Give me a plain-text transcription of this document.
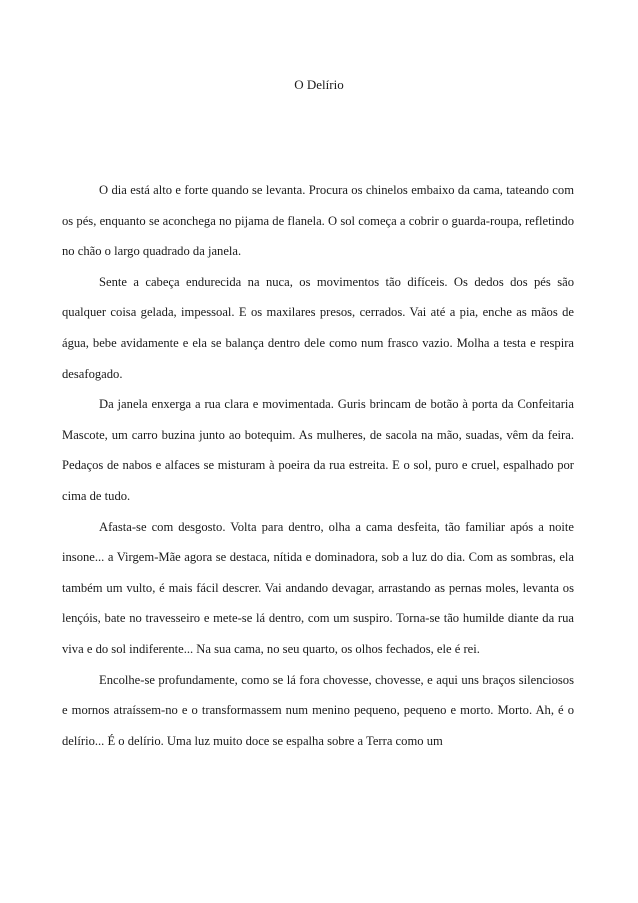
O Delírio

O dia está alto e forte quando se levanta. Procura os chinelos embaixo da cama, tateando com os pés, enquanto se aconchega no pijama de flanela. O sol começa a cobrir o guarda-roupa, refletindo no chão o largo quadrado da janela.

Sente a cabeça endurecida na nuca, os movimentos tão difíceis. Os dedos dos pés são qualquer coisa gelada, impessoal. E os maxilares presos, cerrados. Vai até a pia, enche as mãos de água, bebe avidamente e ela se balança dentro dele como num frasco vazio. Molha a testa e respira desafogado.

Da janela enxerga a rua clara e movimentada. Guris brincam de botão à porta da Confeitaria Mascote, um carro buzina junto ao botequim. As mulheres, de sacola na mão, suadas, vêm da feira. Pedaços de nabos e alfaces se misturam à poeira da rua estreita. E o sol, puro e cruel, espalhado por cima de tudo.

Afasta-se com desgosto. Volta para dentro, olha a cama desfeita, tão familiar após a noite insone... a Virgem-Mãe agora se destaca, nítida e dominadora, sob a luz do dia. Com as sombras, ela também um vulto, é mais fácil descrer. Vai andando devagar, arrastando as pernas moles, levanta os lençóis, bate no travesseiro e mete-se lá dentro, com um suspiro. Torna-se tão humilde diante da rua viva e do sol indiferente... Na sua cama, no seu quarto, os olhos fechados, ele é rei.

Encolhe-se profundamente, como se lá fora chovesse, chovesse, e aqui uns braços silenciosos e mornos atraíssem-no e o transformassem num menino pequeno, pequeno e morto. Morto. Ah, é o delírio... É o delírio. Uma luz muito doce se espalha sobre a Terra como um
